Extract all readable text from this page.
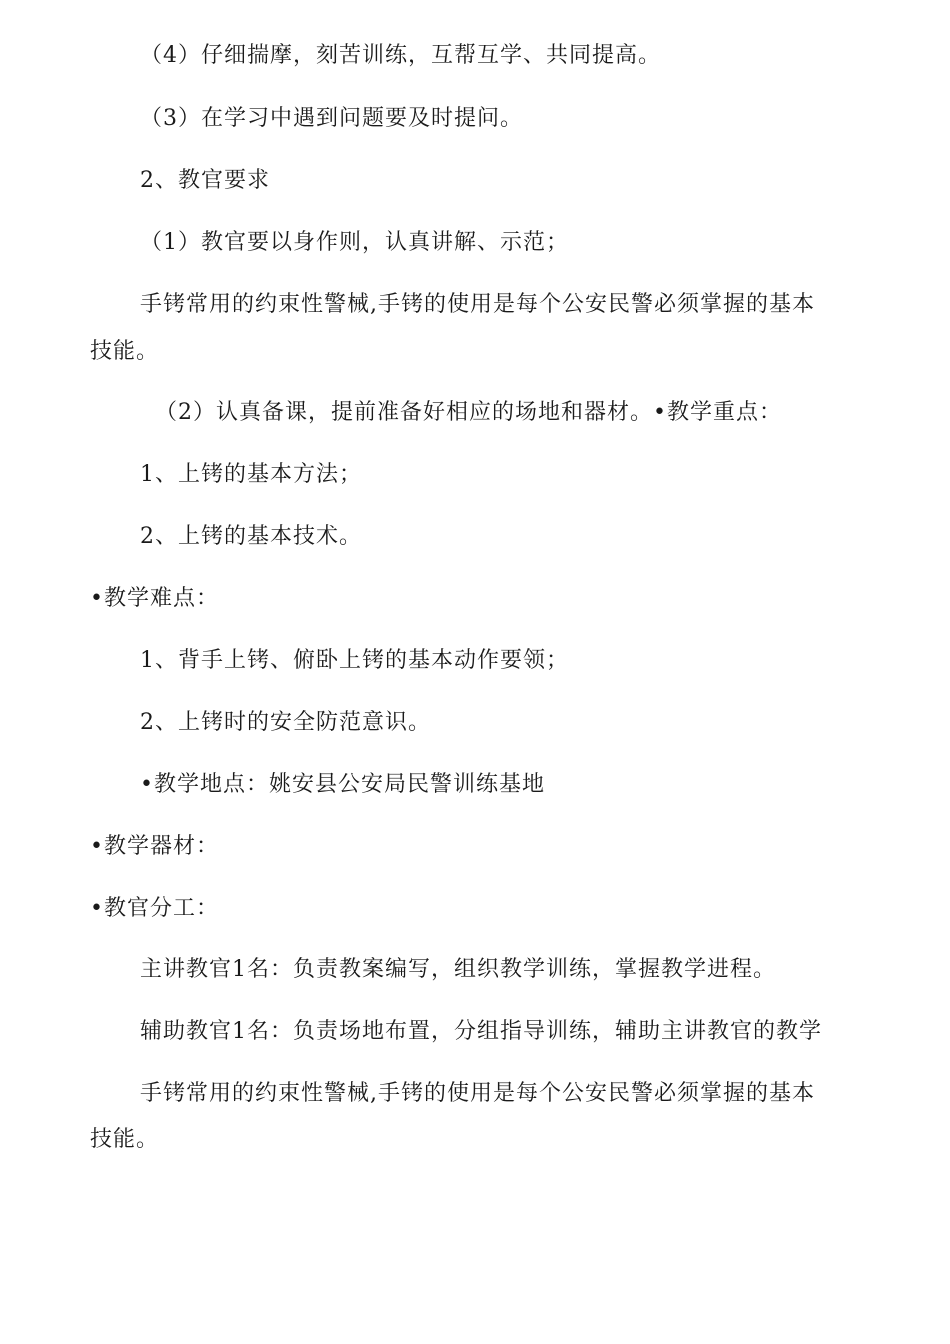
（4）仔细揣摩，刻苦训练，互帮互学、共同提高。
（3）在学习中遇到问题要及时提问。
2、教官要求
（1）教官要以身作则，认真讲解、示范；
手铐常用的约束性警械,手铐的使用是每个公安民警必须掌握的基本
技能。
（2）认真备课，提前准备好相应的场地和器材。•教学重点：
1、上铐的基本方法；
2、上铐的基本技术。
•教学难点：
1、背手上铐、俯卧上铐的基本动作要领；
2、上铐时的安全防范意识。
•教学地点：姚安县公安局民警训练基地
•教学器材：
•教官分工：
主讲教官1名：负责教案编写，组织教学训练，掌握教学进程。
辅助教官1名：负责场地布置，分组指导训练，辅助主讲教官的教学
手铐常用的约束性警械,手铐的使用是每个公安民警必须掌握的基本
技能。
